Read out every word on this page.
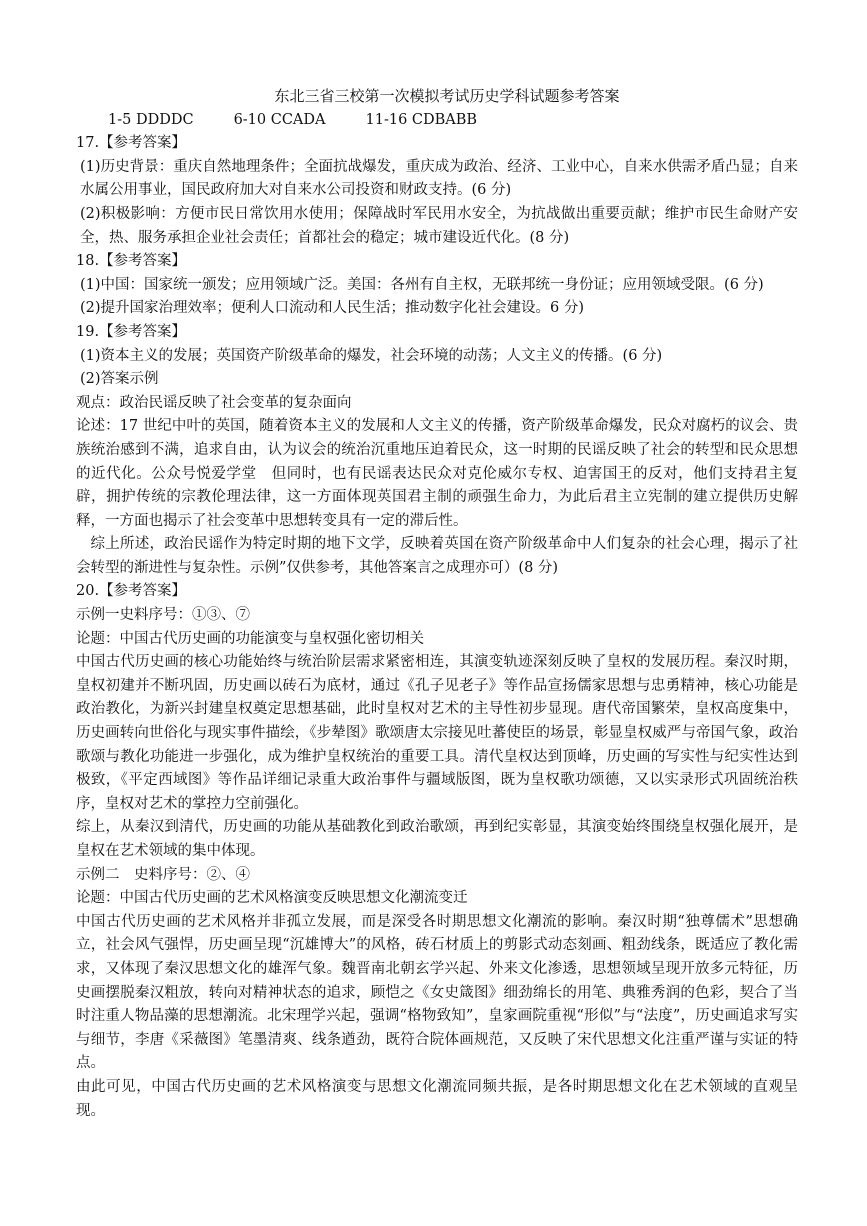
东北三省三校第一次模拟考试历史学科试题参考答案
1-5 DDDDC	6-10 CCADA	11-16 CDBABB

17.【参考答案】

(1)历史背景：重庆自然地理条件；全面抗战爆发，重庆成为政治、经济、工业中心，自来水供需矛盾凸显；自来水属公用事业，国民政府加大对自来水公司投资和财政支持。(6 分)

(2)积极影响：方便市民日常饮用水使用；保障战时军民用水安全，为抗战做出重要贡献；维护市民生命财产安全，热、服务承担企业社会责任；首都社会的稳定；城市建设近代化。(8 分)

18.【参考答案】

(1)中国：国家统一颁发；应用领域广泛。美国：各州有自主权，无联邦统一身份证；应用领域受限。(6 分)

(2)提升国家治理效率；便利人口流动和人民生活；推动数字化社会建设。6 分)

19.【参考答案】

(1)资本主义的发展；英国资产阶级革命的爆发，社会环境的动荡；人文主义的传播。(6 分)

(2)答案示例

观点：政治民谣反映了社会变革的复杂面向

论述：17 世纪中叶的英国，随着资本主义的发展和人文主义的传播，资产阶级革命爆发，民众对腐朽的议会、贵族统治感到不满，追求自由，认为议会的统治沉重地压迫着民众，这一时期的民谣反映了社会的转型和民众思想的近代化。公众号悦爱学堂　但同时，也有民谣表达民众对克伦威尔专权、迫害国王的反对，他们支持君主复辟，拥护传统的宗教伦理法律，这一方面体现英国君主制的顽强生命力，为此后君主立宪制的建立提供历史解释，一方面也揭示了社会变革中思想转变具有一定的滞后性。

综上所述，政治民谣作为特定时期的地下文学，反映着英国在资产阶级革命中人们复杂的社会心理，揭示了社会转型的渐进性与复杂性。示例”仅供参考，其他答案言之成理亦可）(8 分)

20.【参考答案】

示例一史料序号：①③、⑦

论题：中国古代历史画的功能演变与皇权强化密切相关

中国古代历史画的核心功能始终与统治阶层需求紧密相连，其演变轨迹深刻反映了皇权的发展历程。秦汉时期，皇权初建并不断巩固，历史画以砖石为底材，通过《孔子见老子》等作品宣扬儒家思想与忠勇精神，核心功能是政治教化，为新兴封建皇权奠定思想基础，此时皇权对艺术的主导性初步显现。唐代帝国繁荣，皇权高度集中，历史画转向世俗化与现实事件描绘，《步辇图》歌颂唐太宗接见吐蕃使臣的场景，彰显皇权威严与帝国气象，政治歌颂与教化功能进一步强化，成为维护皇权统治的重要工具。清代皇权达到顶峰，历史画的写实性与纪实性达到极致，《平定西域图》等作品详细记录重大政治事件与疆域版图，既为皇权歌功颂德，又以实录形式巩固统治秩序，皇权对艺术的掌控力空前强化。

综上，从秦汉到清代，历史画的功能从基础教化到政治歌颂，再到纪实彰显，其演变始终围绕皇权强化展开，是皇权在艺术领域的集中体现。

示例二　史料序号：②、④

论题：中国古代历史画的艺术风格演变反映思想文化潮流变迁

中国古代历史画的艺术风格并非孤立发展，而是深受各时期思想文化潮流的影响。秦汉时期“独尊儒术”思想确立，社会风气强悍，历史画呈现“沉雄博大”的风格，砖石材质上的剪影式动态刻画、粗劲线条，既适应了教化需求，又体现了秦汉思想文化的雄浑气象。魏晋南北朝玄学兴起、外来文化渗透，思想领域呈现开放多元特征，历史画摆脱秦汉粗放，转向对精神状态的追求，顾恺之《女史箴图》细劲绵长的用笔、典雅秀润的色彩，契合了当时注重人物品藻的思想潮流。北宋理学兴起，强调“格物致知”，皇家画院重视“形似”与“法度”，历史画追求写实与细节，李唐《采薇图》笔墨清爽、线条遒劲，既符合院体画规范，又反映了宋代思想文化注重严谨与实证的特点。

由此可见，中国古代历史画的艺术风格演变与思想文化潮流同频共振，是各时期思想文化在艺术领域的直观呈现。
